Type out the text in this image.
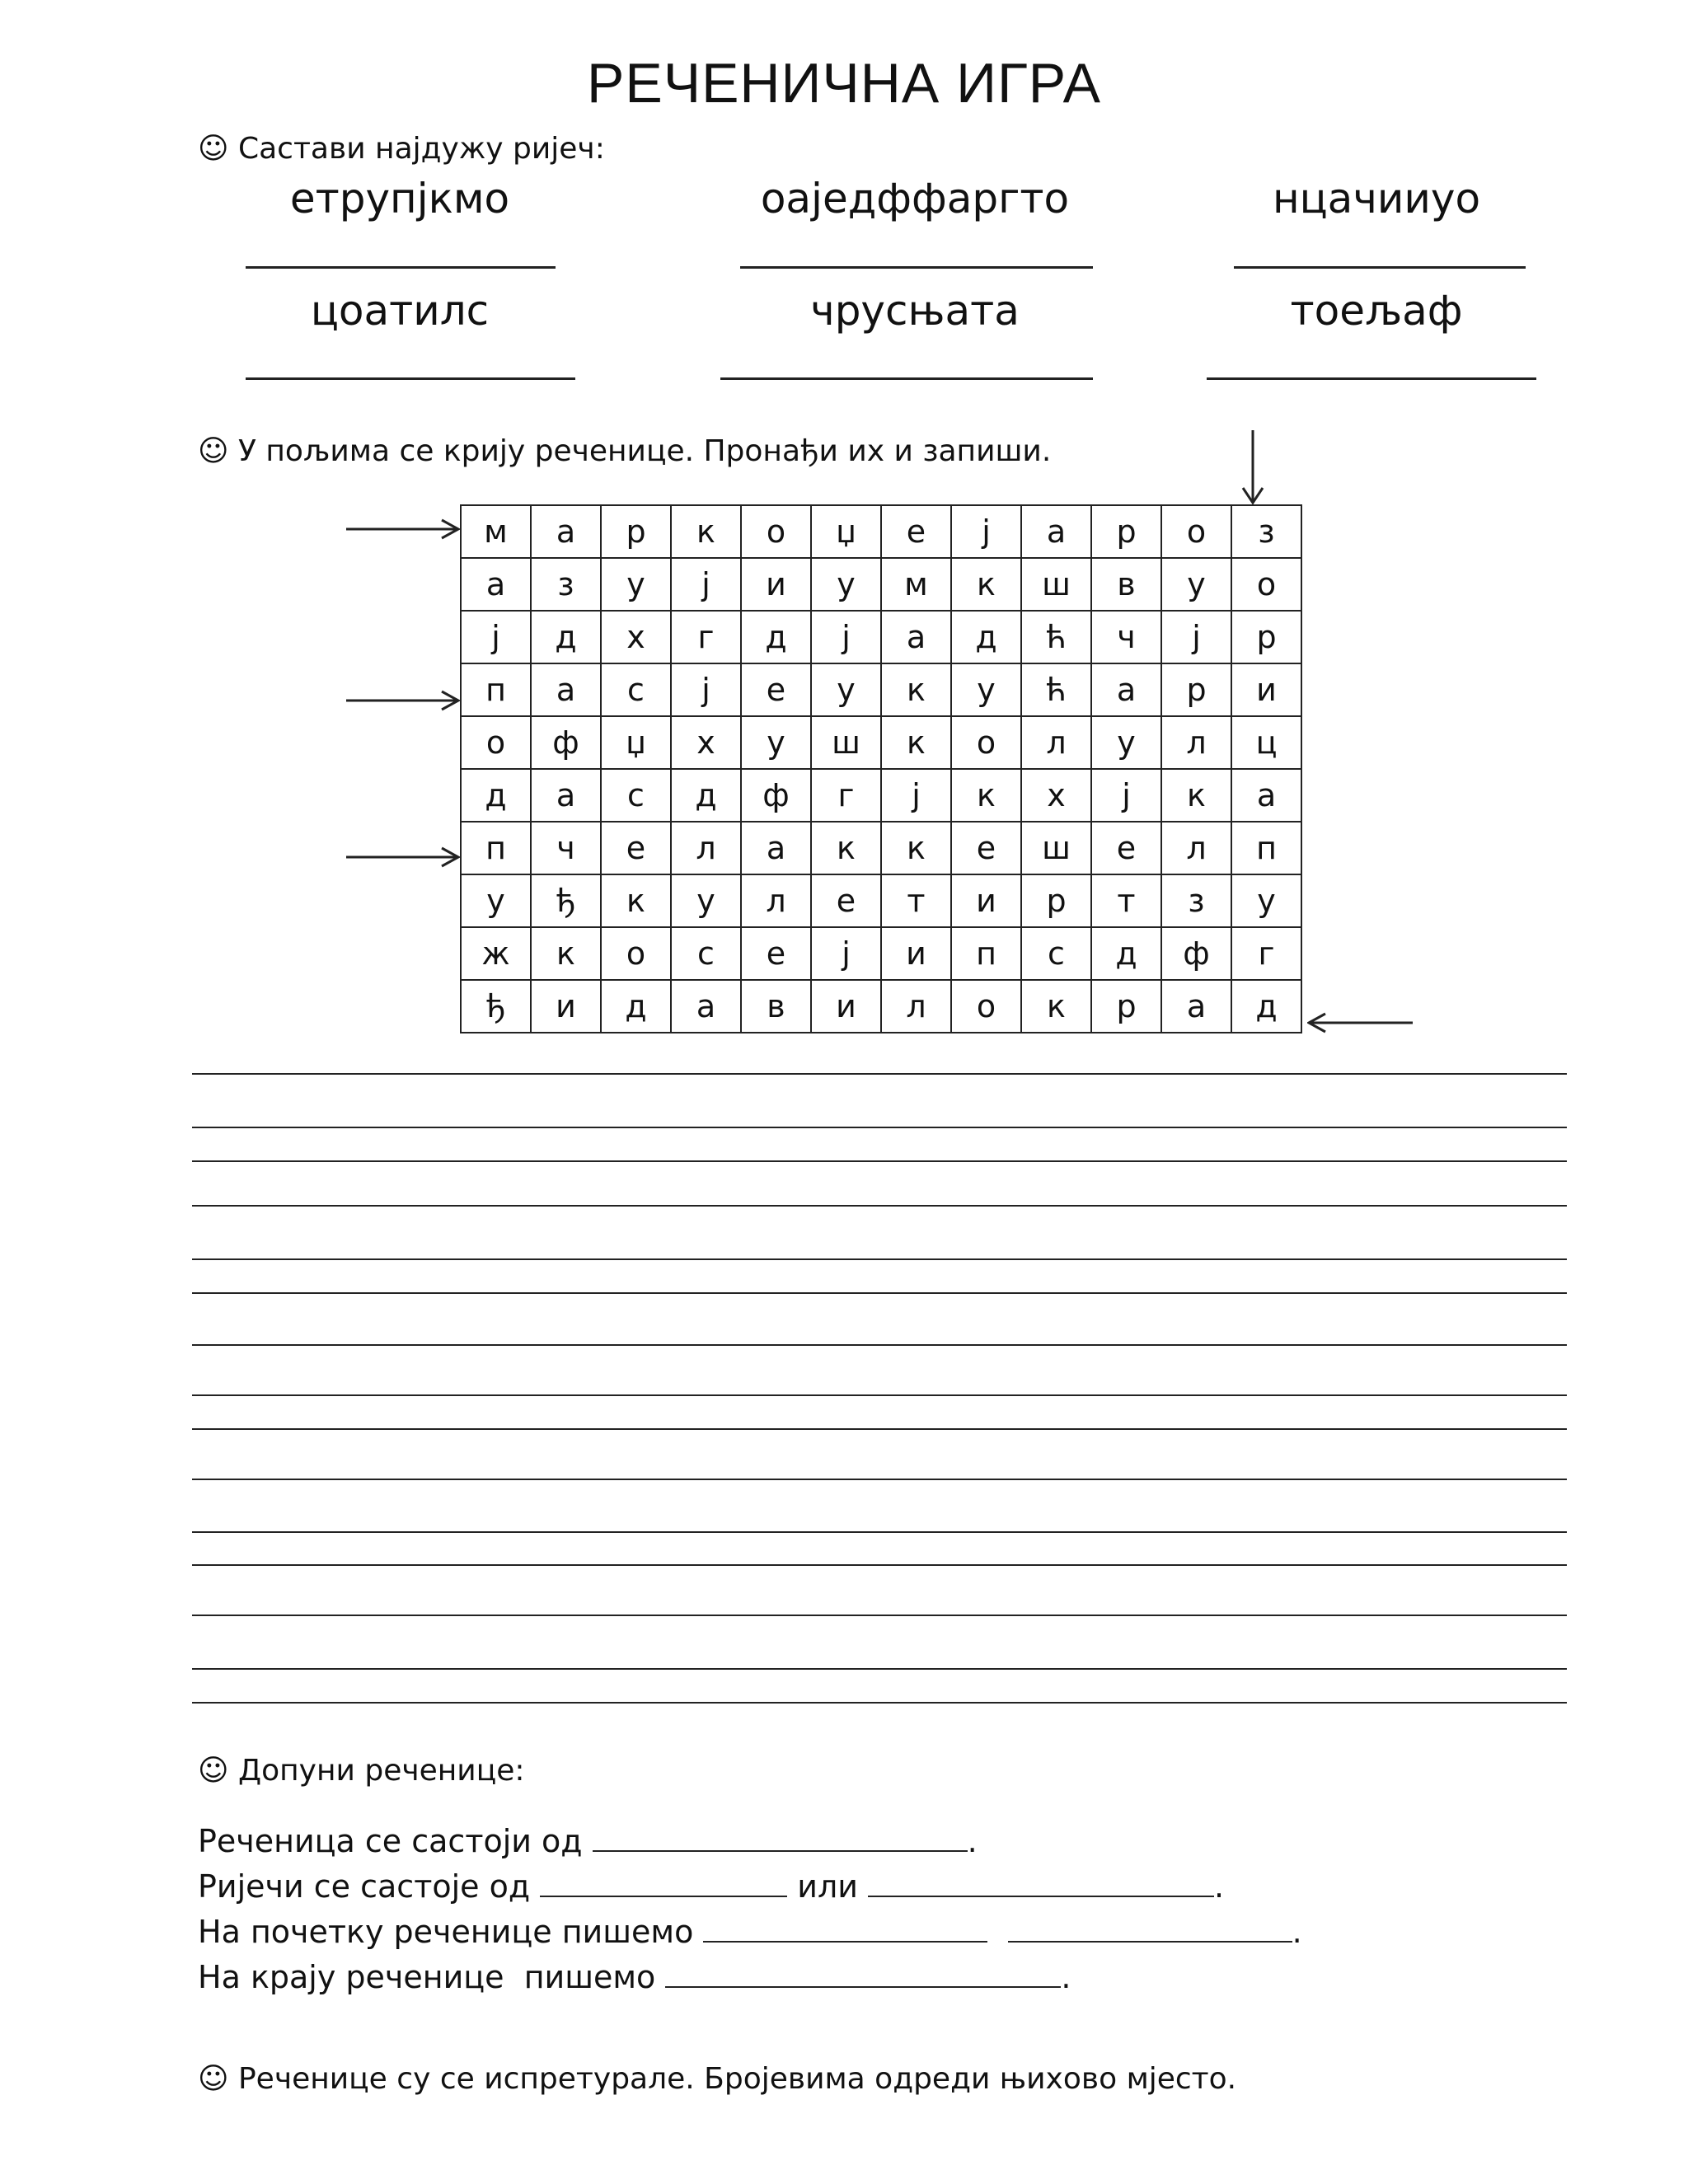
РЕЧЕНИЧНА ИГРА
☺ Састави најдужу ријеч:
етрупјкмо	оаједффаргто	нцачииуо
цоатилс	чрусњата	тоељаф
☺ У пољима се крију реченице. Пронађи их и запиши.
м	а	р	к	о	џ	е	ј	а	р	о	з
а	з	у	ј	и	у	м	к	ш	в	у	о
ј	д	х	г	д	ј	а	д	ћ	ч	ј	р
п	а	с	ј	е	у	к	у	ћ	а	р	и
о	ф	џ	х	у	ш	к	о	л	у	л	ц
д	а	с	д	ф	г	ј	к	х	ј	к	а
п	ч	е	л	а	к	к	е	ш	е	л	п
у	ђ	к	у	л	е	т	и	р	т	з	у
ж	к	о	с	е	ј	и	п	с	д	ф	г
ђ	и	д	а	в	и	л	о	к	р	а	д
☺ Допуни реченице:
Реченица се састоји од	.
Ријечи се састоје од	или	.
На почетку реченице пишемо	.
На крају реченице  пишемо	.
☺ Реченице су се испретурале. Бројевима одреди њихово мјесто.
